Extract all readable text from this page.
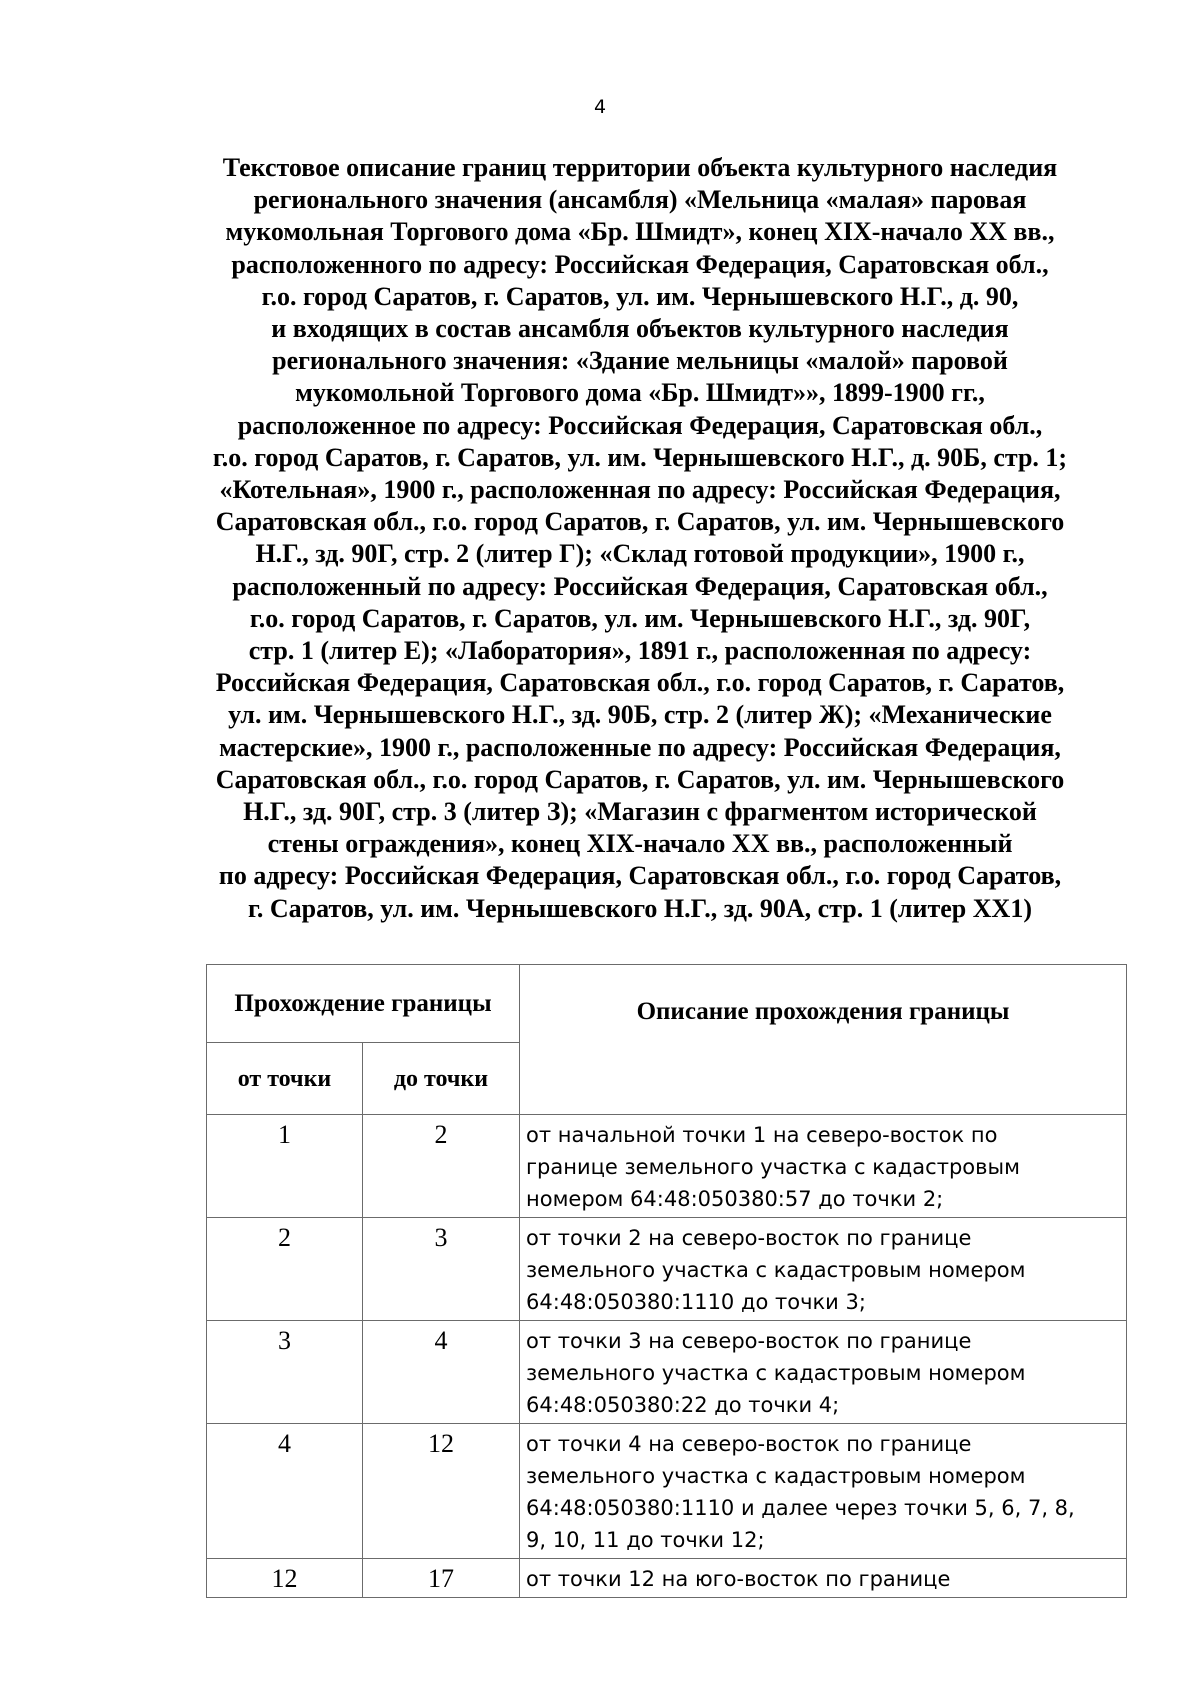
4
Текстовое описание границ территории объекта культурного наследия
регионального значения (ансамбля) «Мельница «малая» паровая
мукомольная Торгового дома «Бр. Шмидт», конец XIX-начало XX вв.,
расположенного по адресу: Российская Федерация, Саратовская обл.,
г.о. город Саратов, г. Саратов, ул. им. Чернышевского Н.Г., д. 90,
и входящих в состав ансамбля объектов культурного наследия
регионального значения: «Здание мельницы «малой» паровой
мукомольной Торгового дома «Бр. Шмидт»», 1899-1900 гг.,
расположенное по адресу: Российская Федерация, Саратовская обл.,
г.о. город Саратов, г. Саратов, ул. им. Чернышевского Н.Г., д. 90Б, стр. 1;
«Котельная», 1900 г., расположенная по адресу: Российская Федерация,
Саратовская обл., г.о. город Саратов, г. Саратов, ул. им. Чернышевского
Н.Г., зд. 90Г, стр. 2 (литер Г); «Склад готовой продукции», 1900 г.,
расположенный по адресу: Российская Федерация, Саратовская обл.,
г.о. город Саратов, г. Саратов, ул. им. Чернышевского Н.Г., зд. 90Г,
стр. 1 (литер Е); «Лаборатория», 1891 г., расположенная по адресу:
Российская Федерация, Саратовская обл., г.о. город Саратов, г. Саратов,
ул. им. Чернышевского Н.Г., зд. 90Б, стр. 2 (литер Ж); «Механические
мастерские», 1900 г., расположенные по адресу: Российская Федерация,
Саратовская обл., г.о. город Саратов, г. Саратов, ул. им. Чернышевского
Н.Г., зд. 90Г, стр. 3 (литер З); «Магазин с фрагментом исторической
стены ограждения», конец XIX-начало XX вв., расположенный
по адресу: Российская Федерация, Саратовская обл., г.о. город Саратов,
г. Саратов, ул. им. Чернышевского Н.Г., зд. 90А, стр. 1 (литер ХХ1)
Прохождение границы		Описание прохождения границы
от точки	до точки	
1	2	от начальной точки 1 на северо-восток по
границе земельного участка с кадастровым
номером 64:48:050380:57 до точки 2;

2	3	от точки 2 на северо-восток по границе
земельного участка с кадастровым номером
64:48:050380:1110 до точки 3;

3	4	от точки 3 на северо-восток по границе
земельного участка с кадастровым номером
64:48:050380:22 до точки 4;

4	12	от точки 4 на северо-восток по границе
земельного участка с кадастровым номером
64:48:050380:1110 и далее через точки 5, 6, 7, 8,
9, 10, 11 до точки 12;

12	17	от точки 12 на юго-восток по границе
